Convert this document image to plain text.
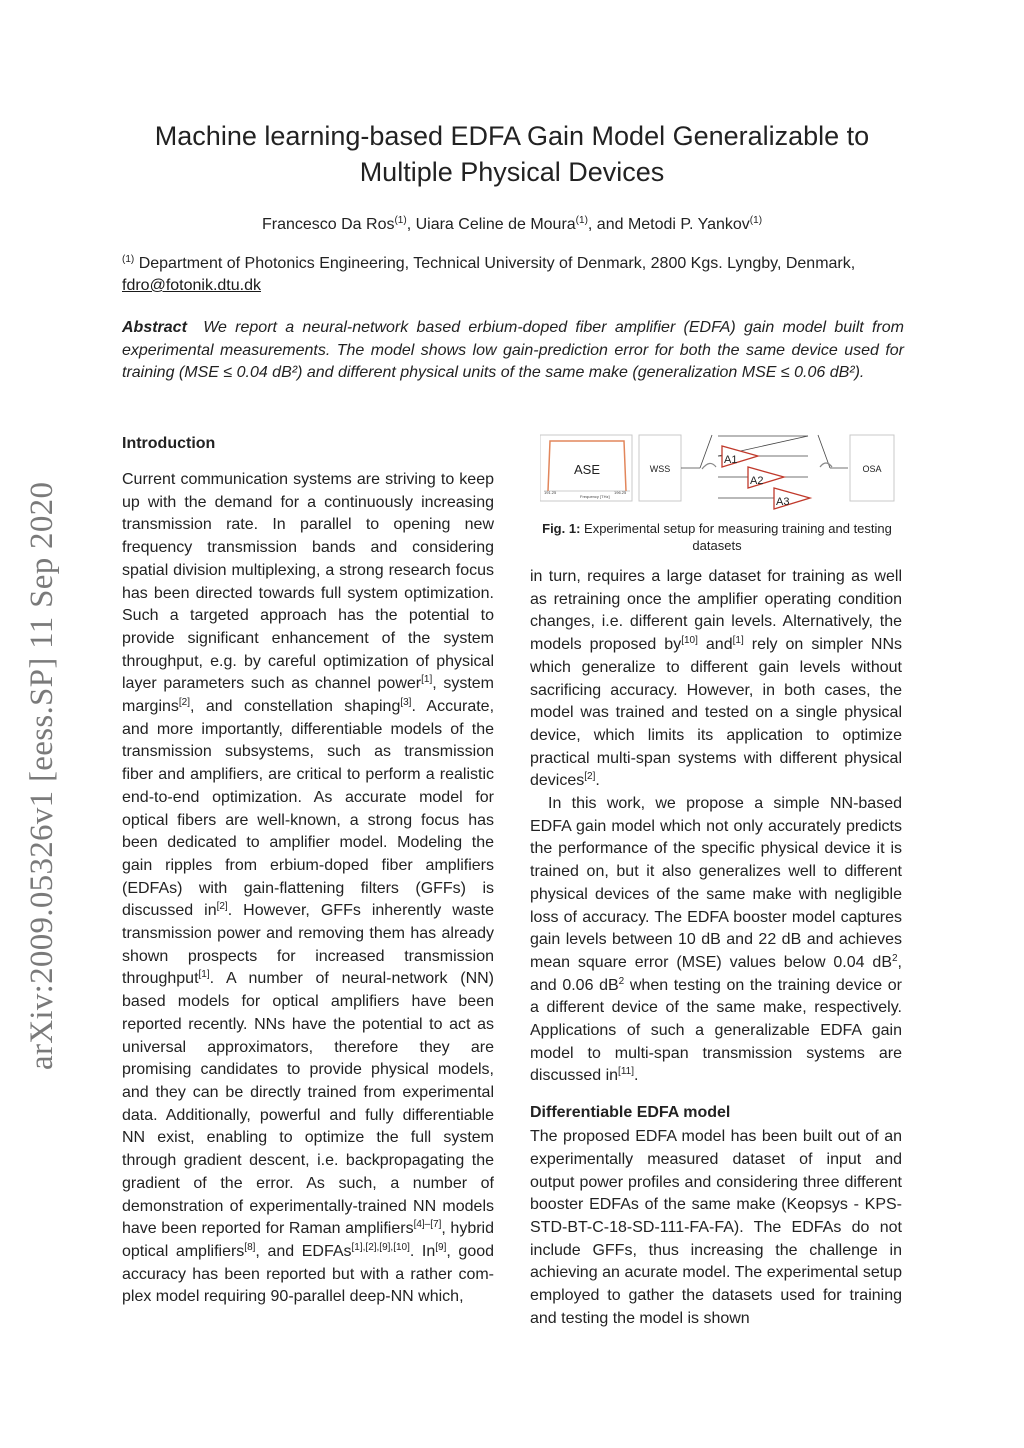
Machine learning-based EDFA Gain Model Generalizable to Multiple Physical Devices
Francesco Da Ros$^{(1)}$, Uiara Celine de Moura$^{(1)}$, and Metodi P. Yankov$^{(1)}$
$^{(1)}$ Department of Photonics Engineering, Technical University of Denmark, 2800 Kgs. Lyngby, Denmark,
fdro@fotonik.dtu.dk
Abstract We report a neural-network based erbium-doped fiber amplifier (EDFA) gain model built from experimental measurements. The model shows low gain-prediction error for both the same device used for training (MSE ≤ 0.04 dB²) and different physical units of the same make (generalization MSE ≤ 0.06 dB²).
arXiv:2009.05326v1 [eess.SP] 11 Sep 2020
Introduction

Current communication systems are striving to keep up with the demand for a continuously increasing transmission rate. In parallel to opening new frequency transmission bands and considering spatial division multiplexing, a strong research focus has been directed towards full system optimization. Such a targeted approach has the potential to provide significant enhancement of the system throughput, e.g. by careful optimization of physical layer parameters such as channel power[1], system margins[2], and constellation shaping[3]. Accurate, and more importantly, differentiable models of the transmission subsystems, such as transmission fiber and amplifiers, are critical to perform a realistic end-to-end optimization. As accurate model for optical fibers are well-known, a strong focus has been dedicated to amplifier model. Modeling the gain ripples from erbium-doped fiber amplifiers (EDFAs) with gain-flattening filters (GFFs) is discussed in[2]. However, GFFs inherently waste transmission power and removing them has already shown prospects for increased transmission throughput[1]. A number of neural-network (NN) based models for optical amplifiers have been reported recently. NNs have the potential to act as universal approximators, therefore they are promising candidates to provide physical models, and they can be directly trained from experimental data. Additionally, powerful and fully differentiable NN exist, enabling to optimize the full system through gradient descent, i.e. backpropagating the gradient of the error. As such, a number of demonstration of experimentally-trained NN models have been reported for Raman amplifiers[4]–[7], hybrid optical amplifiers[8], and EDFAs[1],[2],[9],[10]. In[9], good accuracy has been reported but with a rather complex model requiring 90-parallel deep-NN which,

ASE
191.25	196.25
Frequency [THz]
WSS
A1
A2
A3
OSA
Fig. 1: Experimental setup for measuring training and testing datasets

in turn, requires a large dataset for training as well as retraining once the amplifier operating condition changes, i.e. different gain levels. Alternatively, the models proposed by[10] and[1] rely on simpler NNs which generalize to different gain levels without sacrificing accuracy. However, in both cases, the model was trained and tested on a single physical device, which limits its application to optimize practical multi-span systems with different physical devices[2].

In this work, we propose a simple NN-based EDFA gain model which not only accurately predicts the performance of the specific physical device it is trained on, but it also generalizes well to different physical devices of the same make with negligible loss of accuracy. The EDFA booster model captures gain levels between 10 dB and 22 dB and achieves mean square error (MSE) values below 0.04 $dB^2$, and 0.06 $dB^2$ when testing on the training device or a different device of the same make, respectively. Applications of such a generalizable EDFA gain model to multi-span transmission systems are discussed in[11].

Differentiable EDFA model

The proposed EDFA model has been built out of an experimentally measured dataset of input and output power profiles and considering three different booster EDFAs of the same make (Keopsys - KPS-STD-BT-C-18-SD-111-FA-FA). The EDFAs do not include GFFs, thus increasing the challenge in achieving an acurate model. The experimental setup employed to gather the datasets used for training and testing the model is shown
